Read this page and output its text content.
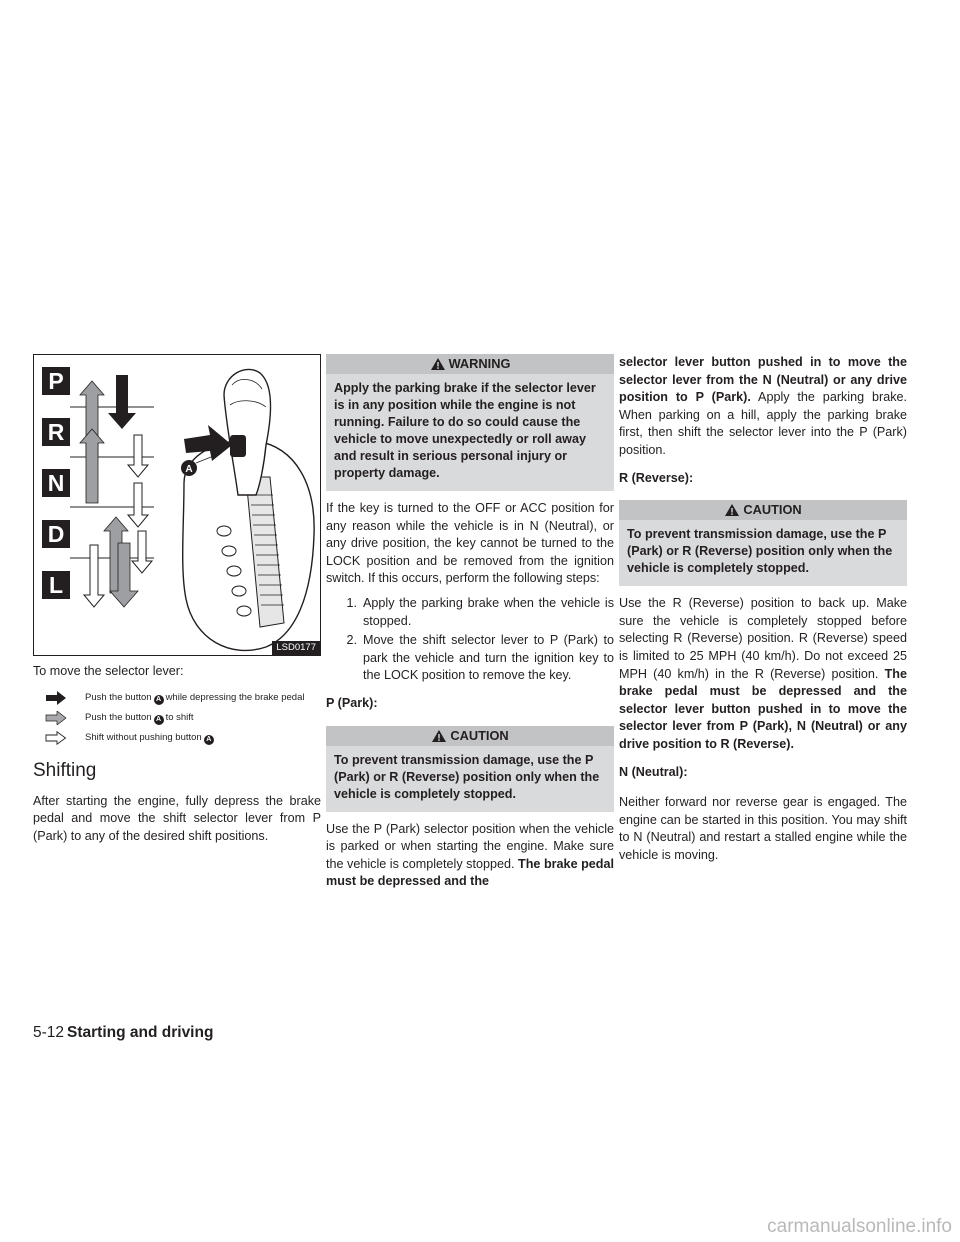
P
R
N
D
L
A
LSD0177

To move the selector lever:

Push the button A while depressing the brake pedal
Push the button A to shift
Shift without pushing button A
Shifting

After starting the engine, fully depress the brake pedal and move the shift selector lever from P (Park) to any of the desired shift positions.

WARNING
Apply the parking brake if the selector lever is in any position while the engine is not running. Failure to do so could cause the vehicle to move unexpectedly or roll away and result in serious personal injury or property damage.

If the key is turned to the OFF or ACC position for any reason while the vehicle is in N (Neutral), or any drive position, the key cannot be turned to the LOCK position and be removed from the ignition switch. If this occurs, perform the following steps:

1. Apply the parking brake when the vehicle is stopped.
2. Move the shift selector lever to P (Park) to park the vehicle and turn the ignition key to the LOCK position to remove the key.

P (Park):

CAUTION
To prevent transmission damage, use the P (Park) or R (Reverse) position only when the vehicle is completely stopped.

Use the P (Park) selector position when the vehicle is parked or when starting the engine. Make sure the vehicle is completely stopped. The brake pedal must be depressed and the

selector lever button pushed in to move the selector lever from the N (Neutral) or any drive position to P (Park). Apply the parking brake. When parking on a hill, apply the parking brake first, then shift the selector lever into the P (Park) position.

R (Reverse):

CAUTION
To prevent transmission damage, use the P (Park) or R (Reverse) position only when the vehicle is completely stopped.

Use the R (Reverse) position to back up. Make sure the vehicle is completely stopped before selecting R (Reverse) position. R (Reverse) speed is limited to 25 MPH (40 km/h). Do not exceed 25 MPH (40 km/h) in the R (Reverse) position. The brake pedal must be depressed and the selector lever button pushed in to move the selector lever from P (Park), N (Neutral) or any drive position to R (Reverse).

N (Neutral):

Neither forward nor reverse gear is engaged. The engine can be started in this position. You may shift to N (Neutral) and restart a stalled engine while the vehicle is moving.

5-12 Starting and driving
carmanualsonline.info
